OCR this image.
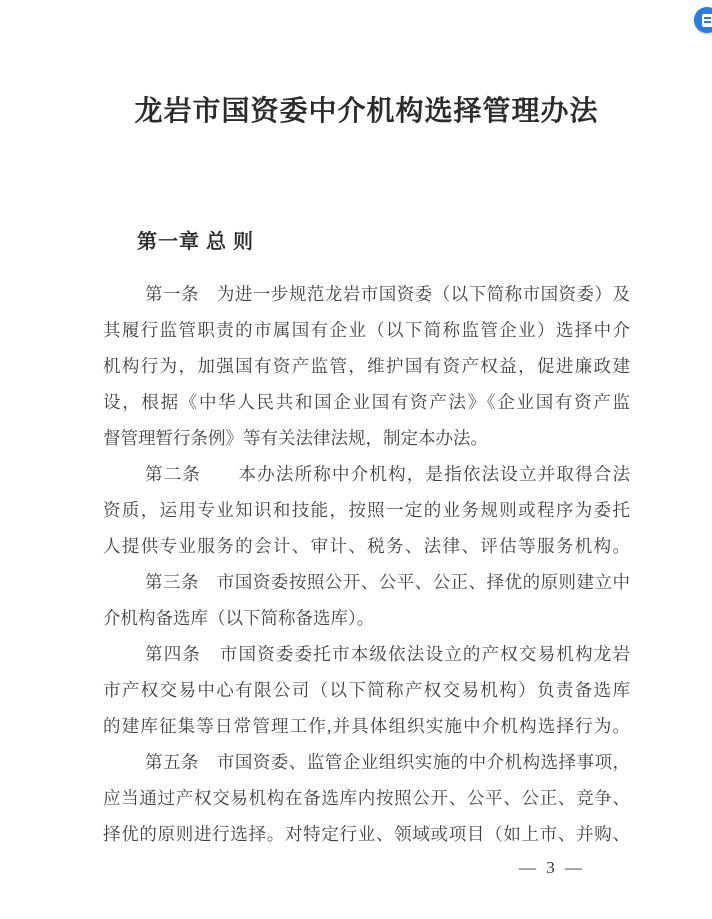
龙岩市国资委中介机构选择管理办法
第一章 总 则
第一条　为进一步规范龙岩市国资委（以下简称市国资委）及
其履行监管职责的市属国有企业（以下简称监管企业）选择中介
机构行为，加强国有资产监管，维护国有资产权益，促进廉政建
设，根据《中华人民共和国企业国有资产法》《企业国有资产监
督管理暂行条例》等有关法律法规，制定本办法。
第二条　　本办法所称中介机构，是指依法设立并取得合法
资质，运用专业知识和技能，按照一定的业务规则或程序为委托
人提供专业服务的会计、审计、税务、法律、评估等服务机构。
第三条　市国资委按照公开、公平、公正、择优的原则建立中
介机构备选库（以下简称备选库）。
第四条　市国资委委托市本级依法设立的产权交易机构龙岩
市产权交易中心有限公司（以下简称产权交易机构）负责备选库
的建库征集等日常管理工作,并具体组织实施中介机构选择行为。
第五条　市国资委、监管企业组织实施的中介机构选择事项，
应当通过产权交易机构在备选库内按照公开、公平、公正、竞争、
择优的原则进行选择。对特定行业、领域或项目（如上市、并购、
— 3 —
